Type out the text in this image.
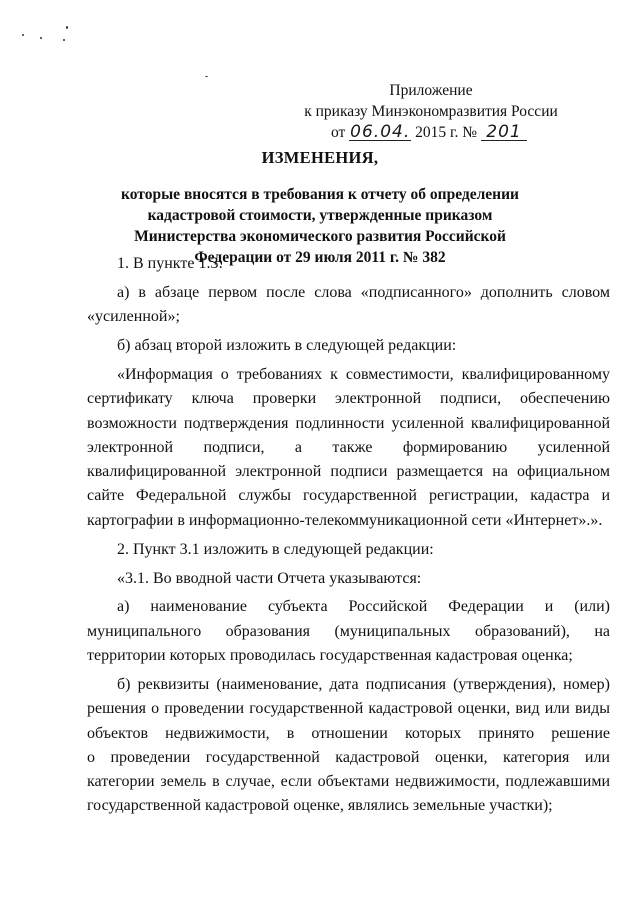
Приложение
к приказу Минэкономразвития России
от 06.04. 2015 г. № 201
ИЗМЕНЕНИЯ,
которые вносятся в требования к отчету об определении кадастровой стоимости, утвержденные приказом Министерства экономического развития Российской Федерации от 29 июля 2011 г. № 382
1. В пункте 1.3:
а) в абзаце первом после слова «подписанного» дополнить словом «усиленной»;
б) абзац второй изложить в следующей редакции:
«Информация о требованиях к совместимости, квалифицированному сертификату ключа проверки электронной подписи, обеспечению возможности подтверждения подлинности усиленной квалифицированной электронной подписи, а также формированию усиленной квалифицированной электронной подписи размещается на официальном сайте Федеральной службы государственной регистрации, кадастра и картографии в информационно-телекоммуникационной сети «Интернет».».
2. Пункт 3.1 изложить в следующей редакции:
«3.1. Во вводной части Отчета указываются:
а) наименование субъекта Российской Федерации и (или) муниципального образования (муниципальных образований), на территории которых проводилась государственная кадастровая оценка;
б) реквизиты (наименование, дата подписания (утверждения), номер) решения о проведении государственной кадастровой оценки, вид или виды объектов недвижимости, в отношении которых принято решение
о проведении государственной кадастровой оценки, категория или категории земель в случае, если объектами недвижимости, подлежавшими государственной кадастровой оценке, являлись земельные участки);
